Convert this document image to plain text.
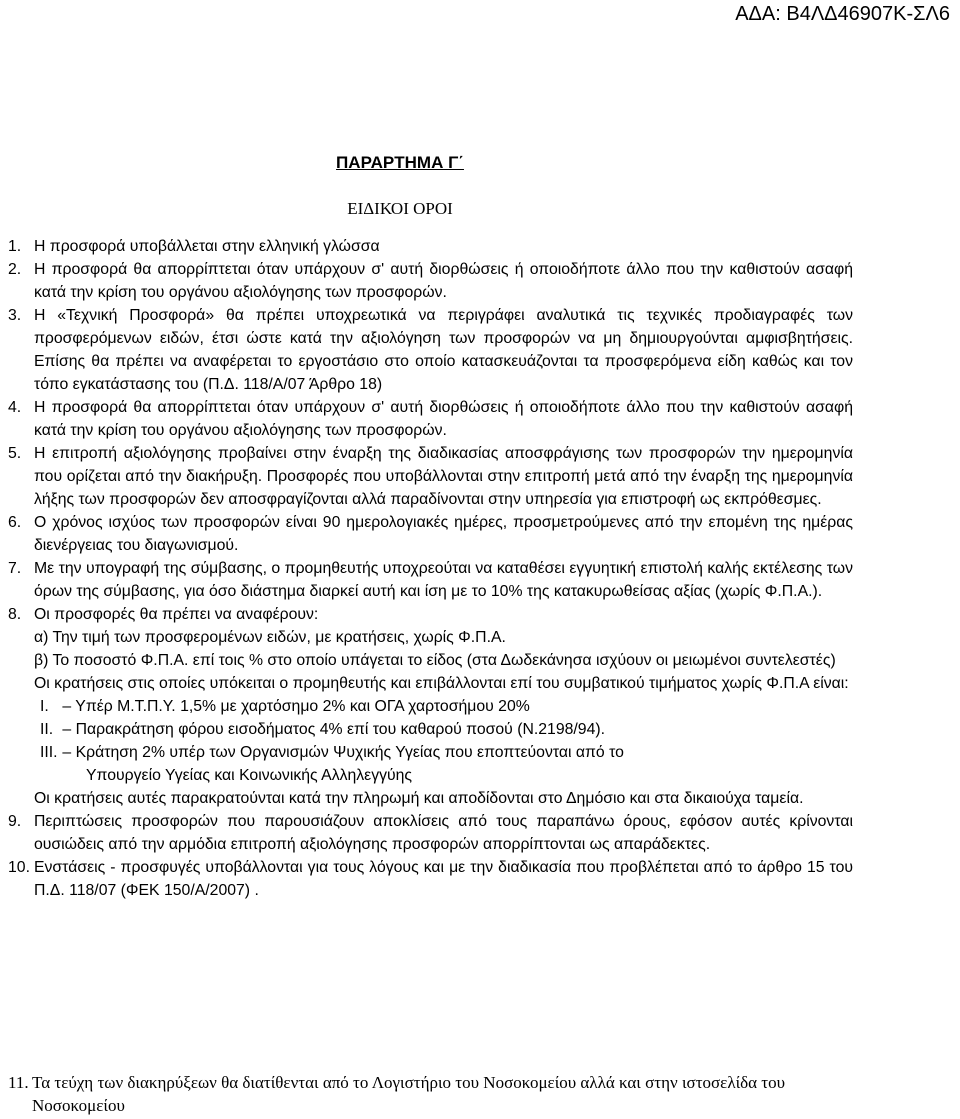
ΑΔΑ: Β4ΛΔ46907Κ-ΣΛ6
ΠΑΡΑΡΤΗΜΑ Γ΄
ΕΙΔΙΚΟΙ ΟΡΟΙ
1. Η προσφορά υποβάλλεται στην ελληνική γλώσσα
2. Η προσφορά θα απορρίπτεται όταν υπάρχουν σ' αυτή διορθώσεις ή οποιοδήποτε άλλο που την καθιστούν ασαφή κατά την κρίση του οργάνου αξιολόγησης των προσφορών.
3. Η «Τεχνική Προσφορά» θα πρέπει υποχρεωτικά να περιγράφει αναλυτικά τις τεχνικές προδιαγραφές των προσφερόμενων ειδών, έτσι ώστε κατά την αξιολόγηση των προσφορών να μη δημιουργούνται αμφισβητήσεις. Επίσης θα πρέπει να αναφέρεται το εργοστάσιο στο οποίο κατασκευάζονται τα προσφερόμενα είδη καθώς και τον τόπο εγκατάστασης του (Π.Δ. 118/Α/07 Άρθρο 18)
4. Η προσφορά θα απορρίπτεται όταν υπάρχουν σ' αυτή διορθώσεις ή οποιοδήποτε άλλο που την καθιστούν ασαφή κατά την κρίση του οργάνου αξιολόγησης των προσφορών.
5. Η επιτροπή αξιολόγησης προβαίνει στην έναρξη της διαδικασίας αποσφράγισης των προσφορών την ημερομηνία που ορίζεται από την διακήρυξη. Προσφορές που υποβάλλονται στην επιτροπή μετά από την έναρξη της ημερομηνία λήξης των προσφορών δεν αποσφραγίζονται αλλά παραδίνονται στην υπηρεσία για επιστροφή ως εκπρόθεσμες.
6. Ο χρόνος ισχύος των προσφορών είναι 90 ημερολογιακές ημέρες, προσμετρούμενες από την επομένη της ημέρας διενέργειας του διαγωνισμού.
7. Με την υπογραφή της σύμβασης, ο προμηθευτής υποχρεούται να καταθέσει εγγυητική επιστολή καλής εκτέλεσης των όρων της σύμβασης, για όσο διάστημα διαρκεί αυτή και ίση με το 10% της κατακυρωθείσας αξίας (χωρίς Φ.Π.Α.).
8. Οι προσφορές θα πρέπει να αναφέρουν:
α) Την τιμή των προσφερομένων ειδών, με κρατήσεις, χωρίς Φ.Π.Α.
β) Το ποσοστό Φ.Π.Α. επί τοις % στο οποίο υπάγεται το είδος (στα Δωδεκάνησα ισχύουν οι μειωμένοι συντελεστές)
Οι κρατήσεις στις οποίες υπόκειται ο προμηθευτής και επιβάλλονται επί του συμβατικού τιμήματος χωρίς Φ.Π.Α είναι:
I. – Υπέρ Μ.Τ.Π.Υ. 1,5% με χαρτόσημο 2% και ΟΓΑ χαρτοσήμου 20%
II. – Παρακράτηση φόρου εισοδήματος 4% επί του καθαρού ποσού (Ν.2198/94).
III. – Κράτηση 2% υπέρ των Οργανισμών Ψυχικής Υγείας που εποπτεύονται από το
Υπουργείο Υγείας και Κοινωνικής Αλληλεγγύης
Οι κρατήσεις αυτές παρακρατούνται κατά την πληρωμή και αποδίδονται στο Δημόσιο και στα δικαιούχα ταμεία.
9. Περιπτώσεις προσφορών που παρουσιάζουν αποκλίσεις από τους παραπάνω όρους, εφόσον αυτές κρίνονται ουσιώδεις από την αρμόδια επιτροπή αξιολόγησης προσφορών απορρίπτονται ως απαράδεκτες.
10. Ενστάσεις - προσφυγές υποβάλλονται για τους λόγους και με την διαδικασία που προβλέπεται από το άρθρο 15 του Π.Δ. 118/07 (ΦΕΚ 150/Α/2007) .
11. Τα τεύχη των διακηρύξεων θα διατίθενται από το Λογιστήριο του Νοσοκομείου αλλά και στην ιστοσελίδα του Νοσοκομείου
